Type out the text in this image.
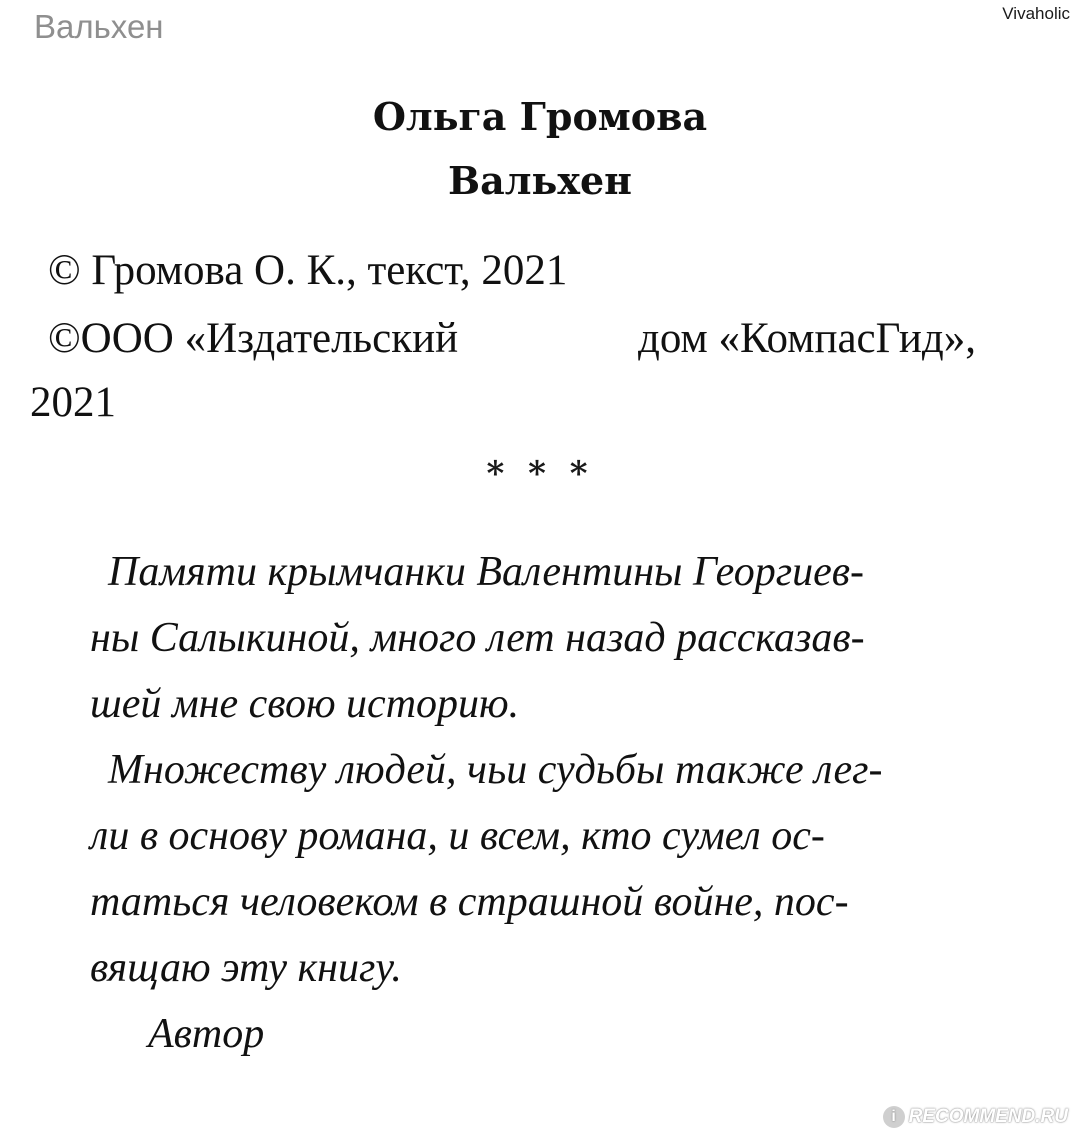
Вальхен	Vivaholic
Ольга Громова
Вальхен
© Громова О. К., текст, 2021
©ООО «Издательский	дом «КомпасГид»,
2021
* * *
Памяти крымчанки Валентины Георгиев-
ны Салыкиной, много лет назад рассказав-
шей мне свою историю.
Множеству людей, чьи судьбы также лег-
ли в основу романа, и всем, кто сумел ос-
таться человеком в страшной войне, пос-
вящаю эту книгу.
Автор
i RECOMMEND.RU
